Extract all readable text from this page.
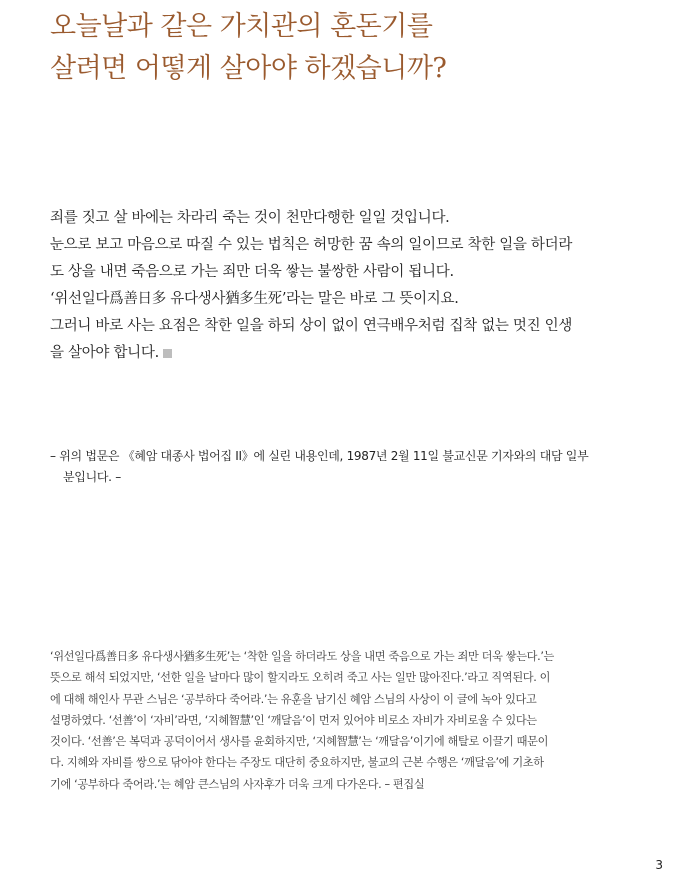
오늘날과 같은 가치관의 혼돈기를
살려면 어떻게 살아야 하겠습니까?
죄를 짓고 살 바에는 차라리 죽는 것이 천만다행한 일일 것입니다.
눈으로 보고 마음으로 따질 수 있는 법칙은 허망한 꿈 속의 일이므로 착한 일을 하더라
도 상을 내면 죽음으로 가는 죄만 더욱 쌓는 불쌍한 사람이 됩니다.
‘위선일다爲善日多 유다생사猶多生死’라는 말은 바로 그 뜻이지요.
그러니 바로 사는 요점은 착한 일을 하되 상이 없이 연극배우처럼 집착 없는 멋진 인생
을 살아야 합니다.
– 위의 법문은 《혜암 대종사 법어집 II》에 실린 내용인데, 1987년 2월 11일 불교신문 기자와의 대담 일부
분입니다. –
‘위선일다爲善日多 유다생사猶多生死’는 ‘착한 일을 하더라도 상을 내면 죽음으로 가는 죄만 더욱 쌓는다.’는
뜻으로 해석 되었지만, ‘선한 일을 날마다 많이 할지라도 오히려 죽고 사는 일만 많아진다.’라고 직역된다. 이
에 대해 해인사 무관 스님은 ‘공부하다 죽어라.’는 유훈을 남기신 혜암 스님의 사상이 이 글에 녹아 있다고
설명하였다. ‘선善’이 ‘자비’라면, ‘지혜智慧’인 ‘깨달음’이 먼저 있어야 비로소 자비가 자비로울 수 있다는
것이다. ‘선善’은 복덕과 공덕이어서 생사를 윤회하지만, ‘지혜智慧’는 ‘깨달음’이기에 해탈로 이끌기 때문이
다. 지혜와 자비를 쌍으로 닦아야 한다는 주장도 대단히 중요하지만, 불교의 근본 수행은 ‘깨달음’에 기초하
기에 ‘공부하다 죽어라.’는 혜암 큰스님의 사자후가 더욱 크게 다가온다. – 편집실
3
